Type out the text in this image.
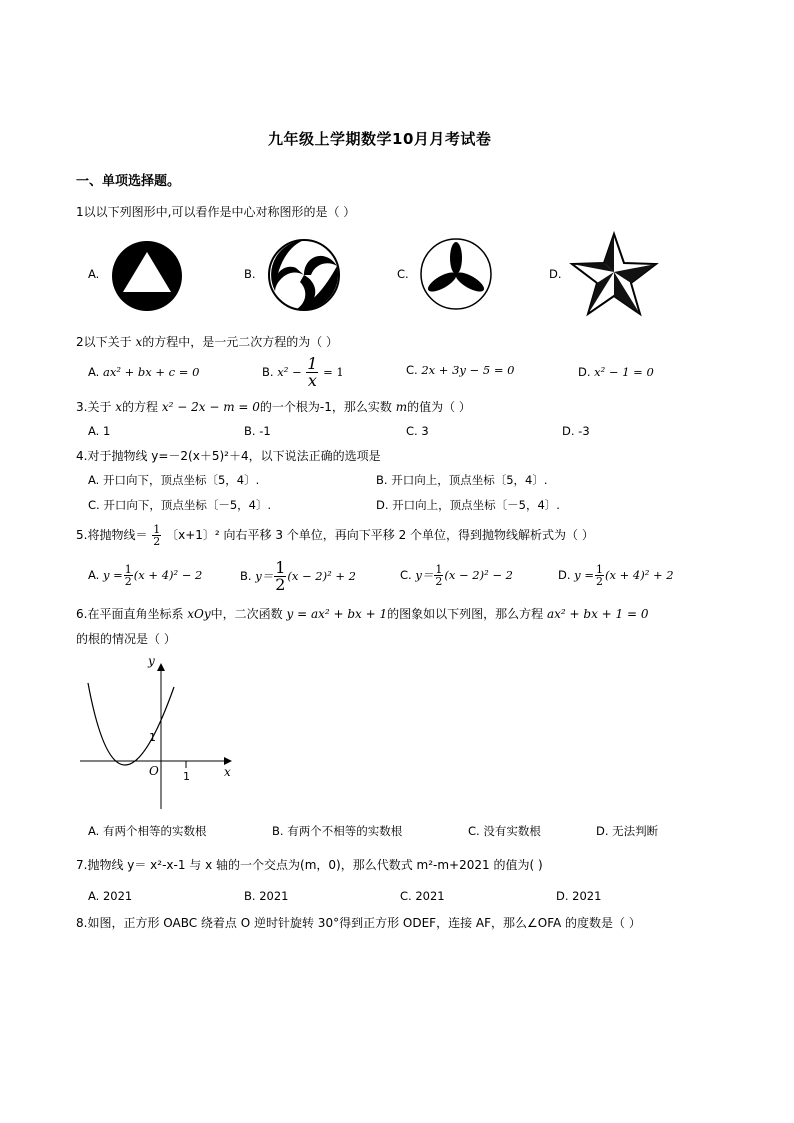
九年级上学期数学10月月考试卷
一、单项选择题。
1以以下列图形中,可以看作是中心对称图形的是（ ）
A.	B.	C.	D.
2以下关于 x的方程中，是一元二次方程的为（ ）
A. ax² + bx + c = 0	B. $x^2 - \frac{1}{x} = 1$	C. 2x + 3y − 5 = 0	D. x² − 1 = 0
3.关于 x的方程 x² − 2x − m = 0的一个根为-1，那么实数 m的值为（ ）
A. 1	B. -1	C. 3	D. -3
4.对于抛物线 y=－2(x＋5)²＋4，以下说法正确的选项是
A. 开口向下，顶点坐标〔5，4〕.	B. 开口向上，顶点坐标〔5，4〕.
C. 开口向下，顶点坐标〔－5，4〕.	D. 开口向上，顶点坐标〔－5，4〕.
5.将抛物线＝ $\frac{1}{2}$ 〔x+1〕² 向右平移 3 个单位，再向下平移 2 个单位，得到抛物线解析式为（ ）
A. $y = \frac{1}{2} (x + 4)^2 - 2$	B. $y= \frac{1}{2} (x - 2)^2 + 2$	C. $y= \frac{1}{2} (x - 2)^2 - 2$	D. $y = \frac{1}{2} (x + 4)^2 + 2$
6.在平面直角坐标系 xOy中，二次函数 y = ax² + bx + 1的图象如以下列图，那么方程 ax² + bx + 1 = 0
的根的情况是（ ）
y
x
O
1
1
A. 有两个相等的实数根	B. 有两个不相等的实数根	C. 没有实数根	D. 无法判断
7.抛物线 y＝ x²-x-1 与 x 轴的一个交点为(m，0)，那么代数式 m²-m+2021 的值为( )
A. 2021	B. 2021	C. 2021	D. 2021
8.如图，正方形 OABC 绕着点 O 逆时针旋转 30°得到正方形 ODEF，连接 AF，那么∠OFA 的度数是（ ）
